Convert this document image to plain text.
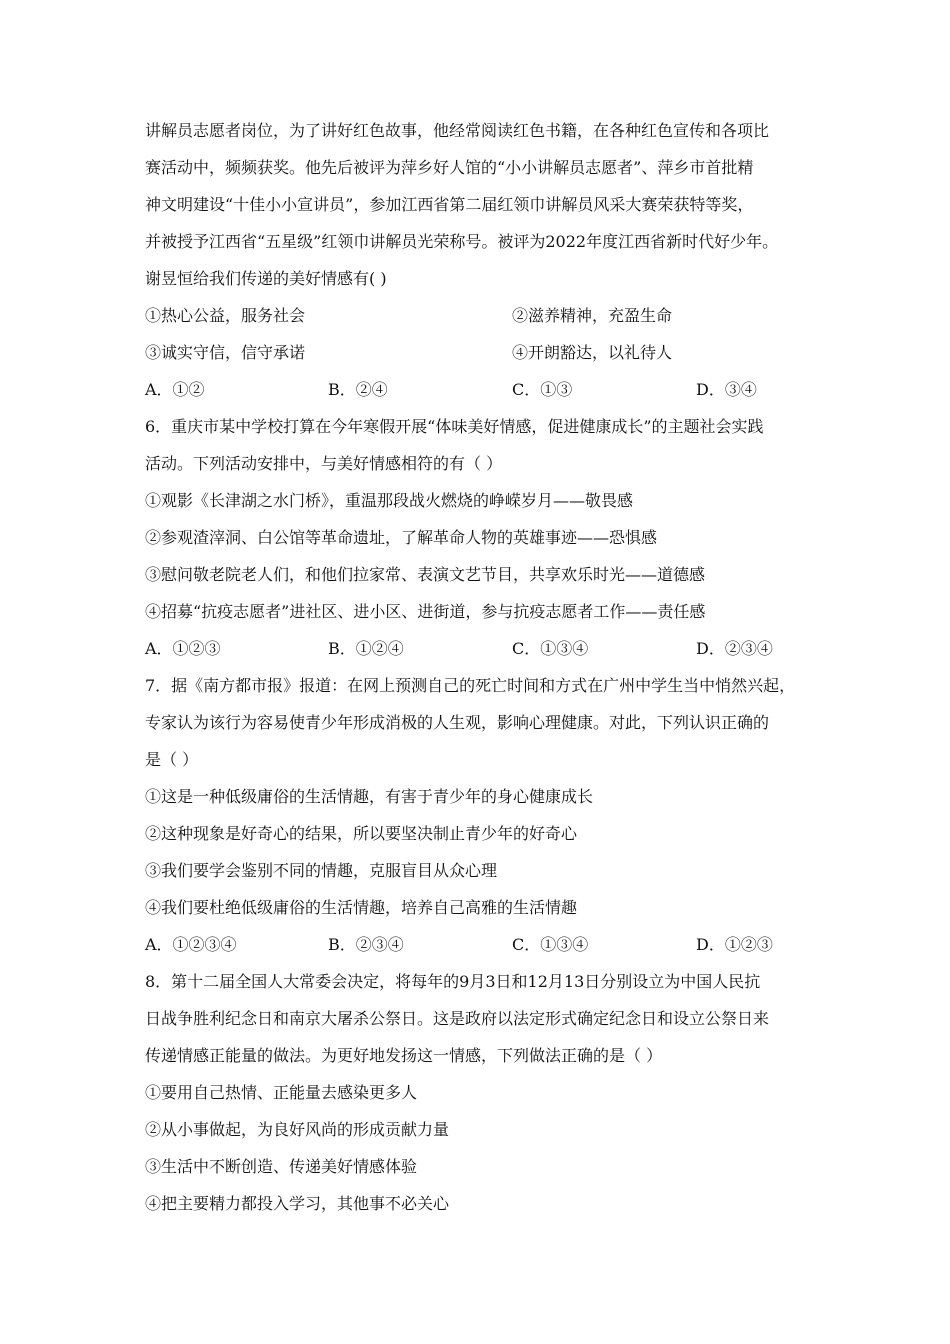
讲解员志愿者岗位，为了讲好红色故事，他经常阅读红色书籍，在各种红色宣传和各项比
赛活动中，频频获奖。他先后被评为萍乡好人馆的“小小讲解员志愿者”、萍乡市首批精
神文明建设“十佳小小宣讲员”，参加江西省第二届红领巾讲解员风采大赛荣获特等奖，
并被授予江西省“五星级”红领巾讲解员光荣称号。被评为2022年度江西省新时代好少年。
谢昱恒给我们传递的美好情感有( )
①热心公益，服务社会	②滋养精神，充盈生命
③诚实守信，信守承诺	④开朗豁达，以礼待人
A．①②	B．②④	C．①③	D．③④
6．重庆市某中学校打算在今年寒假开展“体味美好情感，促进健康成长”的主题社会实践
活动。下列活动安排中，与美好情感相符的有（ ）
①观影《长津湖之水门桥》，重温那段战火燃烧的峥嵘岁月——敬畏感
②参观渣滓洞、白公馆等革命遗址，了解革命人物的英雄事迹——恐惧感
③慰问敬老院老人们，和他们拉家常、表演文艺节目，共享欢乐时光——道德感
④招募“抗疫志愿者”进社区、进小区、进街道，参与抗疫志愿者工作——责任感
A．①②③	B．①②④	C．①③④	D．②③④
7．据《南方都市报》报道：在网上预测自己的死亡时间和方式在广州中学生当中悄然兴起，
专家认为该行为容易使青少年形成消极的人生观，影响心理健康。对此，下列认识正确的
是（ ）
①这是一种低级庸俗的生活情趣，有害于青少年的身心健康成长
②这种现象是好奇心的结果，所以要坚决制止青少年的好奇心
③我们要学会鉴别不同的情趣，克服盲目从众心理
④我们要杜绝低级庸俗的生活情趣，培养自己高雅的生活情趣
A．①②③④	B．②③④	C．①③④	D．①②③
8．第十二届全国人大常委会决定，将每年的9月3日和12月13日分别设立为中国人民抗
日战争胜利纪念日和南京大屠杀公祭日。这是政府以法定形式确定纪念日和设立公祭日来
传递情感正能量的做法。为更好地发扬这一情感，下列做法正确的是（ ）
①要用自己热情、正能量去感染更多人
②从小事做起，为良好风尚的形成贡献力量
③生活中不断创造、传递美好情感体验
④把主要精力都投入学习，其他事不必关心
